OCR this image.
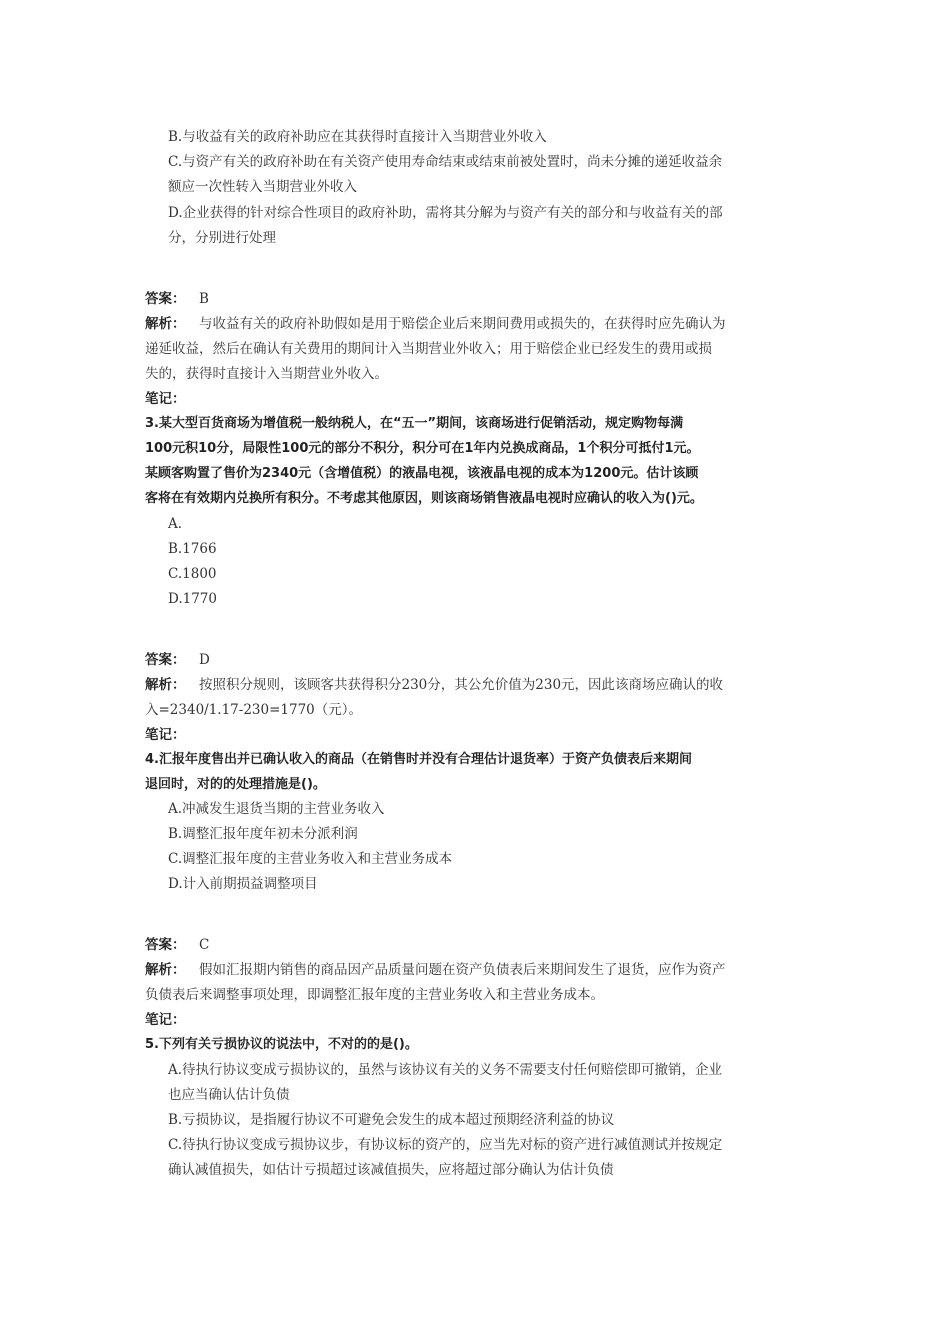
B.与收益有关的政府补助应在其获得时直接计入当期营业外收入
C.与资产有关的政府补助在有关资产使用寿命结束或结束前被处置时，尚未分摊的递延收益余
额应一次性转入当期营业外收入
D.企业获得的针对综合性项目的政府补助，需将其分解为与资产有关的部分和与收益有关的部
分，分别进行处理
答案： B
解析： 与收益有关的政府补助假如是用于赔偿企业后来期间费用或损失的，在获得时应先确认为
递延收益，然后在确认有关费用的期间计入当期营业外收入；用于赔偿企业已经发生的费用或损
失的，获得时直接计入当期营业外收入。
笔记：
3.某大型百货商场为增值税一般纳税人，在“五一”期间，该商场进行促销活动，规定购物每满
100元积10分，局限性100元的部分不积分，积分可在1年内兑换成商品，1个积分可抵付1元。
某顾客购置了售价为2340元（含增值税）的液晶电视，该液晶电视的成本为1200元。估计该顾
客将在有效期内兑换所有积分。不考虑其他原因，则该商场销售液晶电视时应确认的收入为()元。
A.
B.1766
C.1800
D.1770
答案： D
解析： 按照积分规则，该顾客共获得积分230分，其公允价值为230元，因此该商场应确认的收
入=2340/1.17-230=1770（元）。
笔记：
4.汇报年度售出并已确认收入的商品（在销售时并没有合理估计退货率）于资产负债表后来期间
退回时，对的的处理措施是()。
A.冲减发生退货当期的主营业务收入
B.调整汇报年度年初未分派利润
C.调整汇报年度的主营业务收入和主营业务成本
D.计入前期损益调整项目
答案： C
解析： 假如汇报期内销售的商品因产品质量问题在资产负债表后来期间发生了退货，应作为资产
负债表后来调整事项处理，即调整汇报年度的主营业务收入和主营业务成本。
笔记：
5.下列有关亏损协议的说法中，不对的的是()。
A.待执行协议变成亏损协议的，虽然与该协议有关的义务不需要支付任何赔偿即可撤销，企业
也应当确认估计负债
B.亏损协议，是指履行协议不可避免会发生的成本超过预期经济利益的协议
C.待执行协议变成亏损协议步，有协议标的资产的，应当先对标的资产进行减值测试并按规定
确认减值损失，如估计亏损超过该减值损失，应将超过部分确认为估计负债
